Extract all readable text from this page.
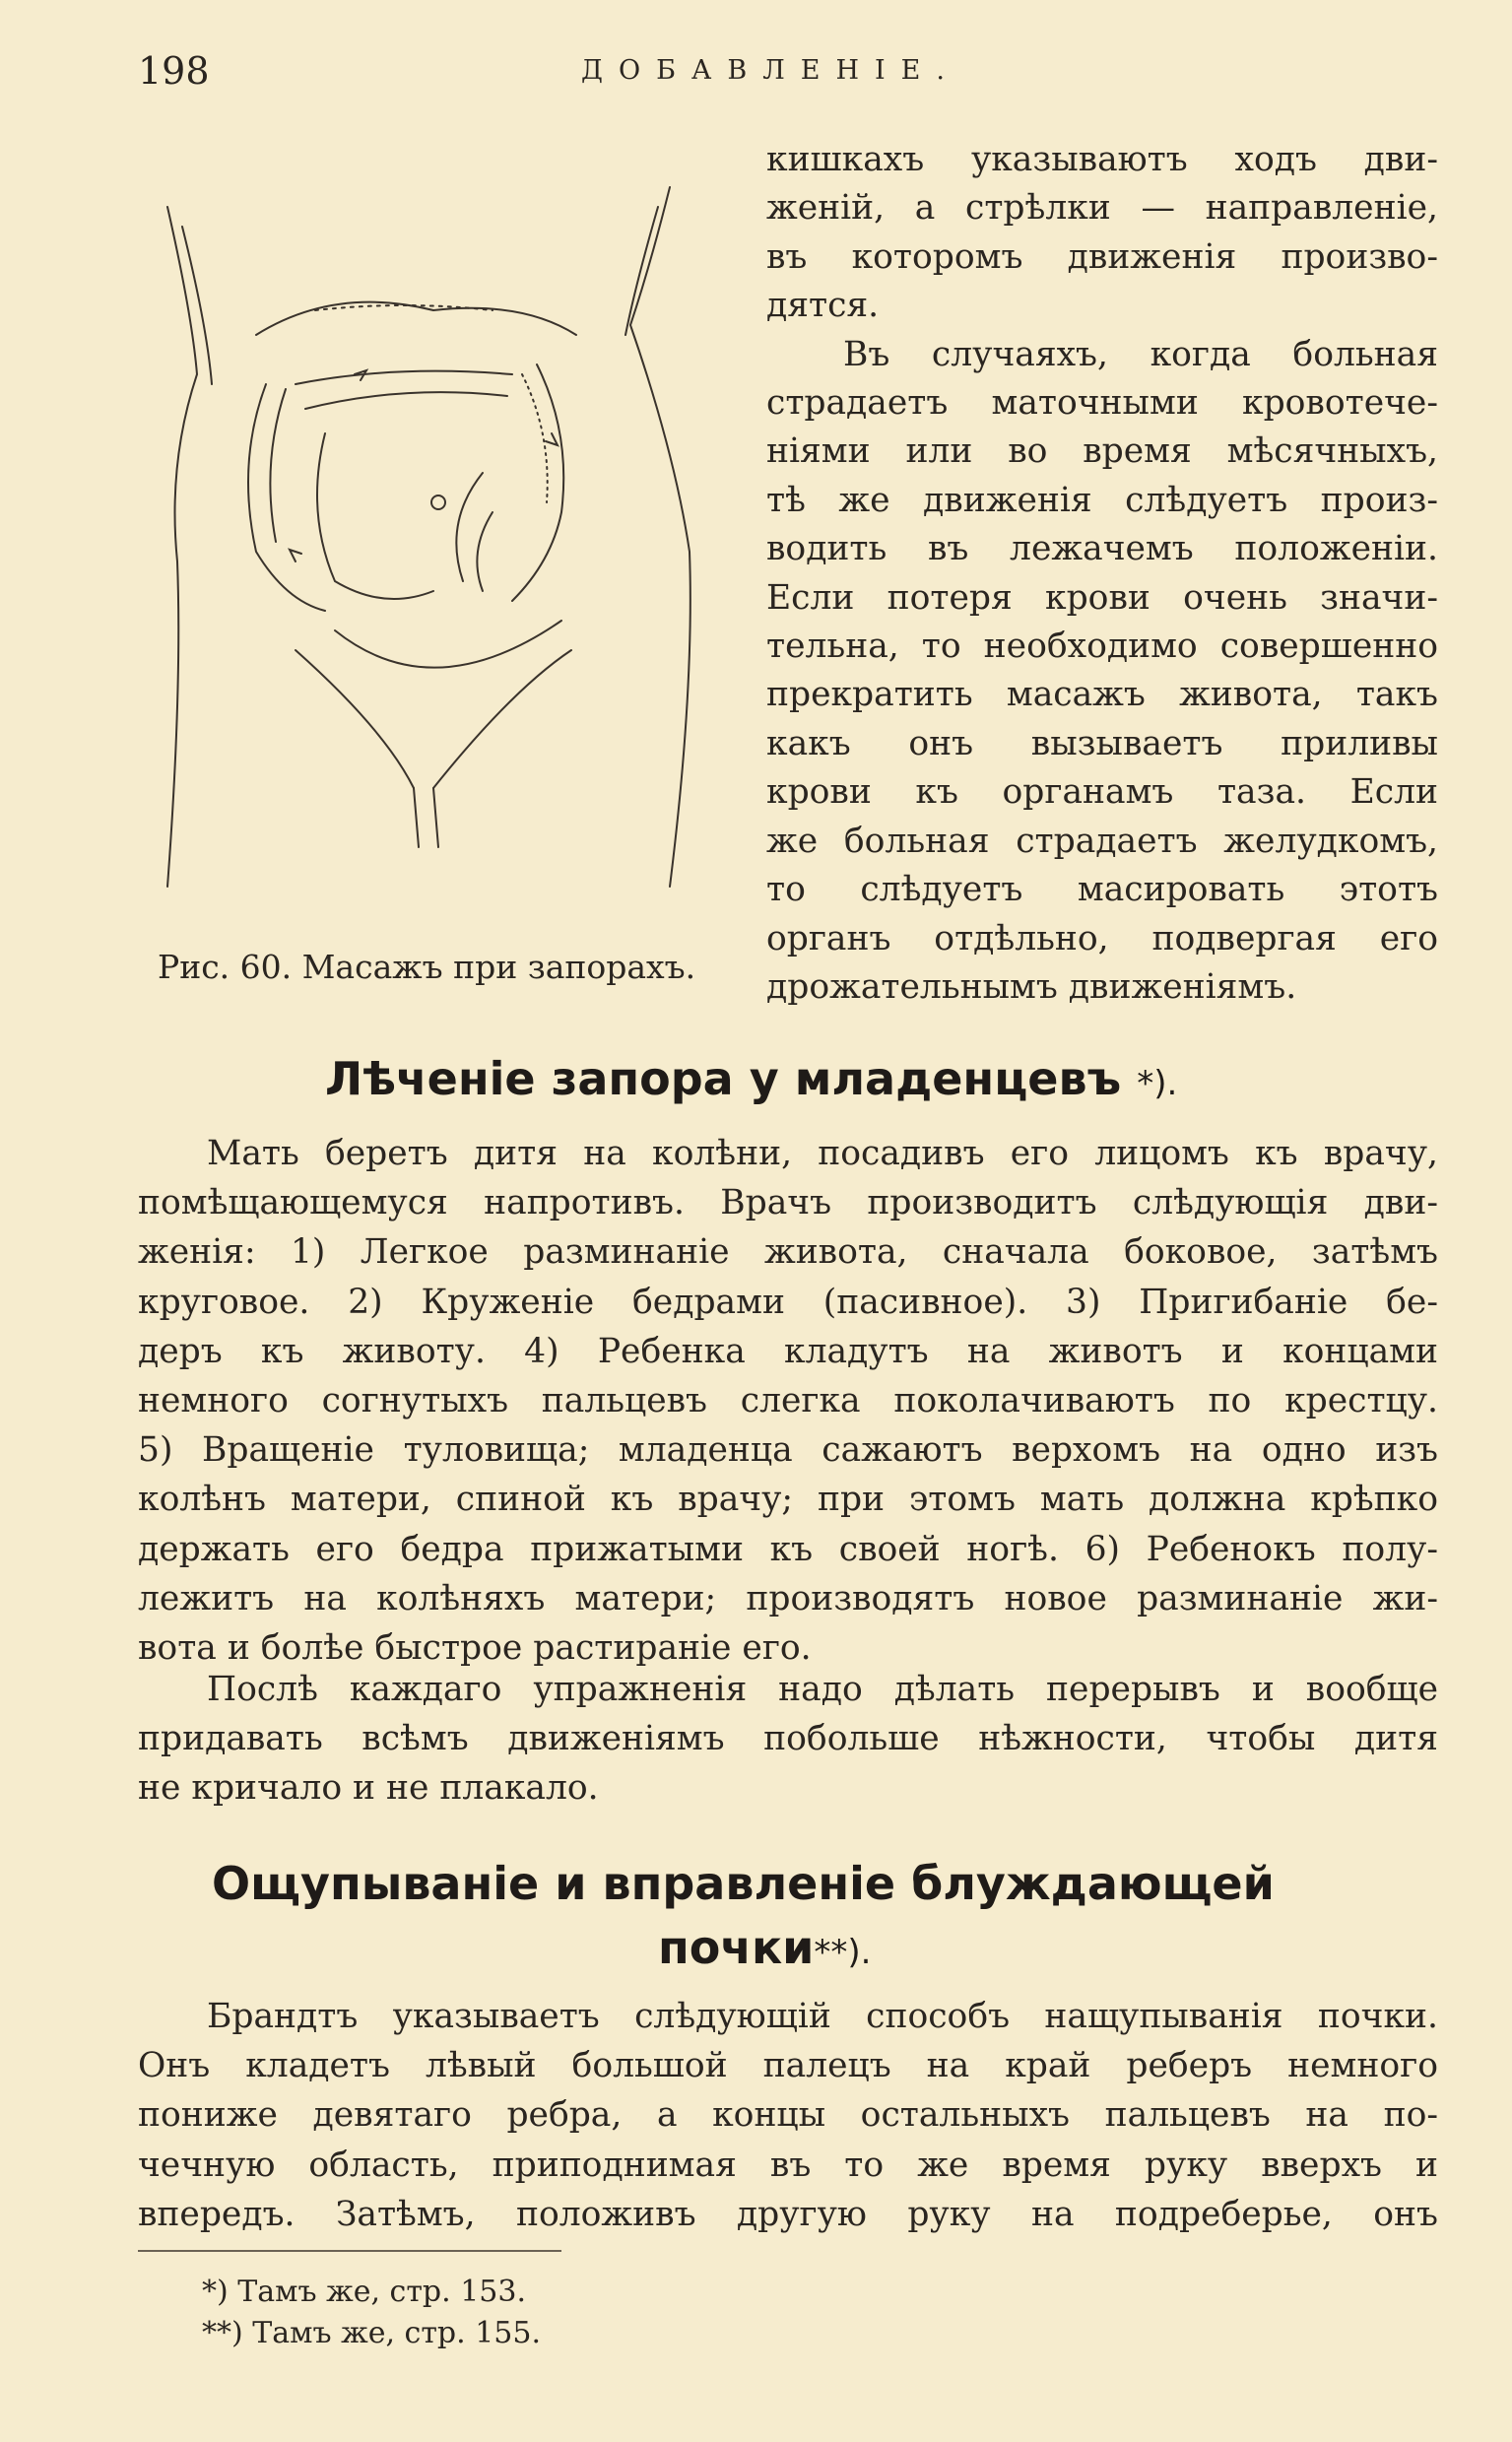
198	ДОБАВЛЕНІЕ.
Рис. 60. Масажъ при запорахъ.
кишкахъ указываютъ ходъ дви-
женій, а стрѣлки — направленіе,
въ которомъ движенія произво-
дятся.
Въ случаяхъ, когда больная
страдаетъ маточными кровотече-
ніями или во время мѣсячныхъ,
тѣ же движенія слѣдуетъ произ-
водить въ лежачемъ положеніи.
Если потеря крови очень значи-
тельна, то необходимо совершенно
прекратить масажъ живота, такъ
какъ онъ вызываетъ приливы
крови къ органамъ таза. Если
же больная страдаетъ желудкомъ,
то слѣдуетъ масировать этотъ
органъ отдѣльно, подвергая его
дрожательнымъ движеніямъ.
Лѣченіе запора у младенцевъ *).
Мать беретъ дитя на колѣни, посадивъ его лицомъ къ врачу,
помѣщающемуся напротивъ. Врачъ производитъ слѣдующія дви-
женія: 1) Легкое разминаніе живота, сначала боковое, затѣмъ
круговое. 2) Круженіе бедрами (пасивное). 3) Пригибаніе бе-
деръ къ животу. 4) Ребенка кладутъ на животъ и концами
немного согнутыхъ пальцевъ слегка поколачиваютъ по крестцу.
5) Вращеніе туловища; младенца сажаютъ верхомъ на одно изъ
колѣнъ матери, спиной къ врачу; при этомъ мать должна крѣпко
держать его бедра прижатыми къ своей ногѣ. 6) Ребенокъ полу-
лежитъ на колѣняхъ матери; производятъ новое разминаніе жи-
вота и болѣе быстрое растираніе его.
Послѣ каждаго упражненія надо дѣлать перерывъ и вообще
придавать всѣмъ движеніямъ побольше нѣжности, чтобы дитя
не кричало и не плакало.
Ощупываніе и вправленіе блуждающей
почки**).
Брандтъ указываетъ слѣдующій способъ нащупыванія почки.
Онъ кладетъ лѣвый большой палецъ на край реберъ немного
пониже девятаго ребра, а концы остальныхъ пальцевъ на по-
чечную область, приподнимая въ то же время руку вверхъ и
впередъ. Затѣмъ, положивъ другую руку на подреберье, онъ
*) Тамъ же, стр. 153.
**) Тамъ же, стр. 155.
